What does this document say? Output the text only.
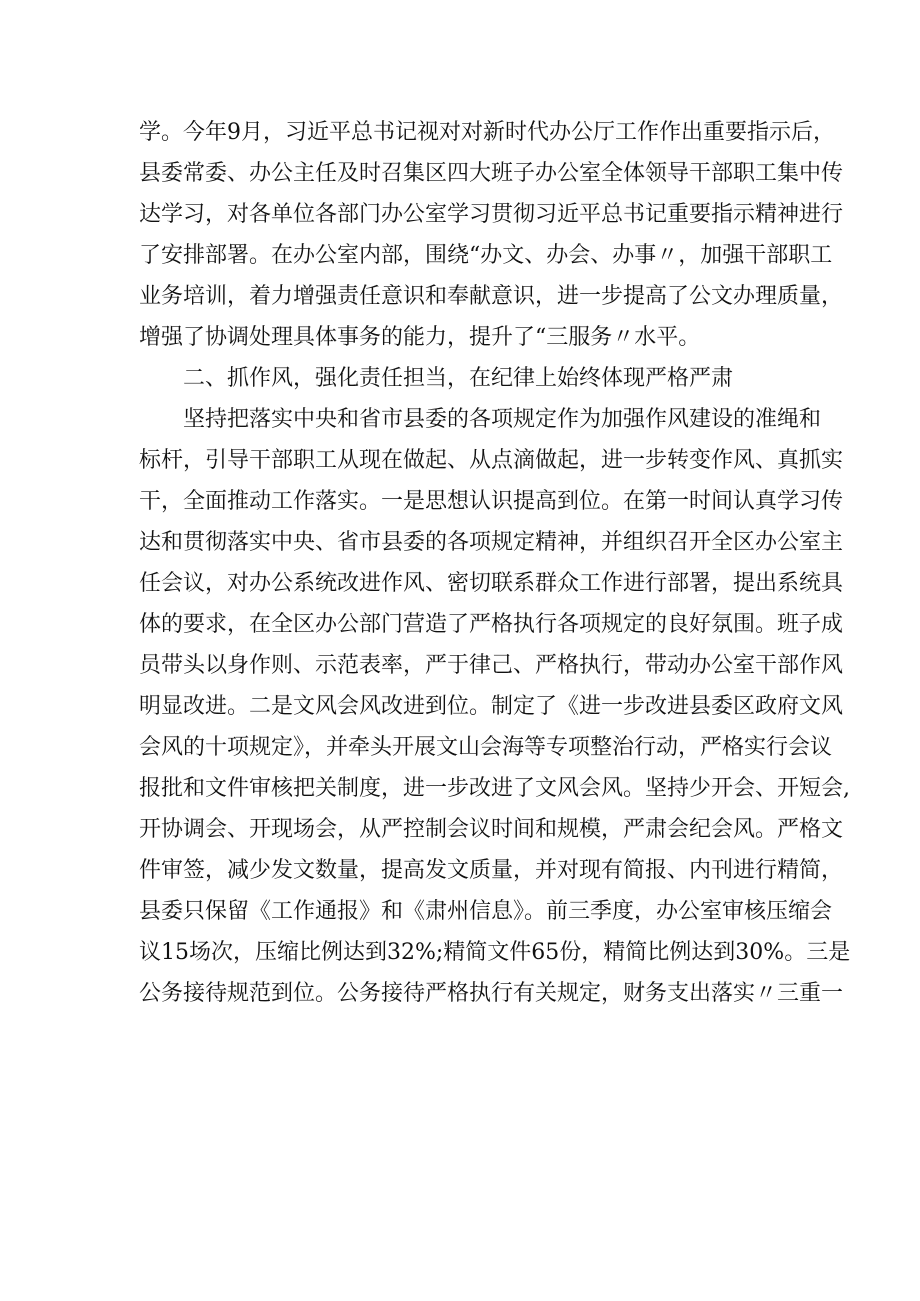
学。今年9月，习近平总书记视对对新时代办公厅工作作出重要指示后，
县委常委、办公主任及时召集区四大班子办公室全体领导干部职工集中传
达学习，对各单位各部门办公室学习贯彻习近平总书记重要指示精神进行
了安排部署。在办公室内部，围绕“办文、办会、办事〃，加强干部职工
业务培训，着力增强责任意识和奉献意识，进一步提高了公文办理质量，
增强了协调处理具体事务的能力，提升了“三服务〃水平。
二、抓作风，强化责任担当，在纪律上始终体现严格严肃
坚持把落实中央和省市县委的各项规定作为加强作风建设的准绳和
标杆，引导干部职工从现在做起、从点滴做起，进一步转变作风、真抓实
干，全面推动工作落实。一是思想认识提高到位。在第一时间认真学习传
达和贯彻落实中央、省市县委的各项规定精神，并组织召开全区办公室主
任会议，对办公系统改进作风、密切联系群众工作进行部署，提出系统具
体的要求，在全区办公部门营造了严格执行各项规定的良好氛围。班子成
员带头以身作则、示范表率，严于律己、严格执行，带动办公室干部作风
明显改进。二是文风会风改进到位。制定了《进一步改进县委区政府文风
会风的十项规定》，并牵头开展文山会海等专项整治行动，严格实行会议
报批和文件审核把关制度，进一步改进了文风会风。坚持少开会、开短会,
开协调会、开现场会，从严控制会议时间和规模，严肃会纪会风。严格文
件审签，减少发文数量，提高发文质量，并对现有简报、内刊进行精简，
县委只保留《工作通报》和《肃州信息》。前三季度，办公室审核压缩会
议15场次，压缩比例达到32%;精简文件65份，精简比例达到30%。三是
公务接待规范到位。公务接待严格执行有关规定，财务支出落实〃三重一
